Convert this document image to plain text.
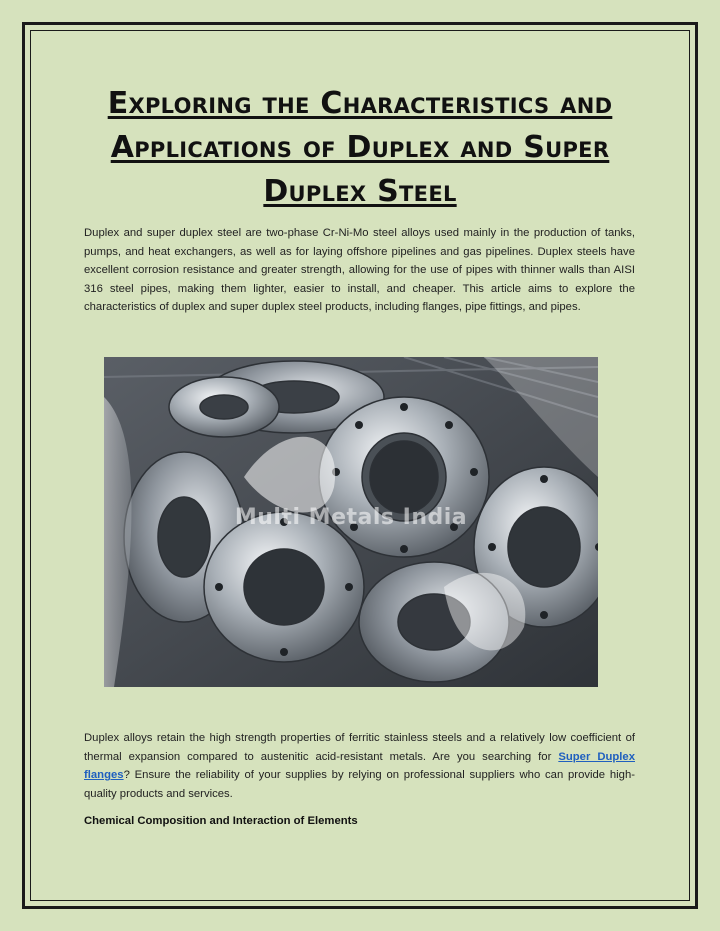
Exploring the Characteristics and Applications of Duplex and Super Duplex Steel

Duplex and super duplex steel are two-phase Cr-Ni-Mo steel alloys used mainly in the production of tanks, pumps, and heat exchangers, as well as for laying offshore pipelines and gas pipelines. Duplex steels have excellent corrosion resistance and greater strength, allowing for the use of pipes with thinner walls than AISI 316 steel pipes, making them lighter, easier to install, and cheaper. This article aims to explore the characteristics of duplex and super duplex steel products, including flanges, pipe fittings, and pipes.

Multi Metals India

Duplex alloys retain the high strength properties of ferritic stainless steels and a relatively low coefficient of thermal expansion compared to austenitic acid-resistant metals. Are you searching for Super Duplex flanges? Ensure the reliability of your supplies by relying on professional suppliers who can provide high-quality products and services.

Chemical Composition and Interaction of Elements
